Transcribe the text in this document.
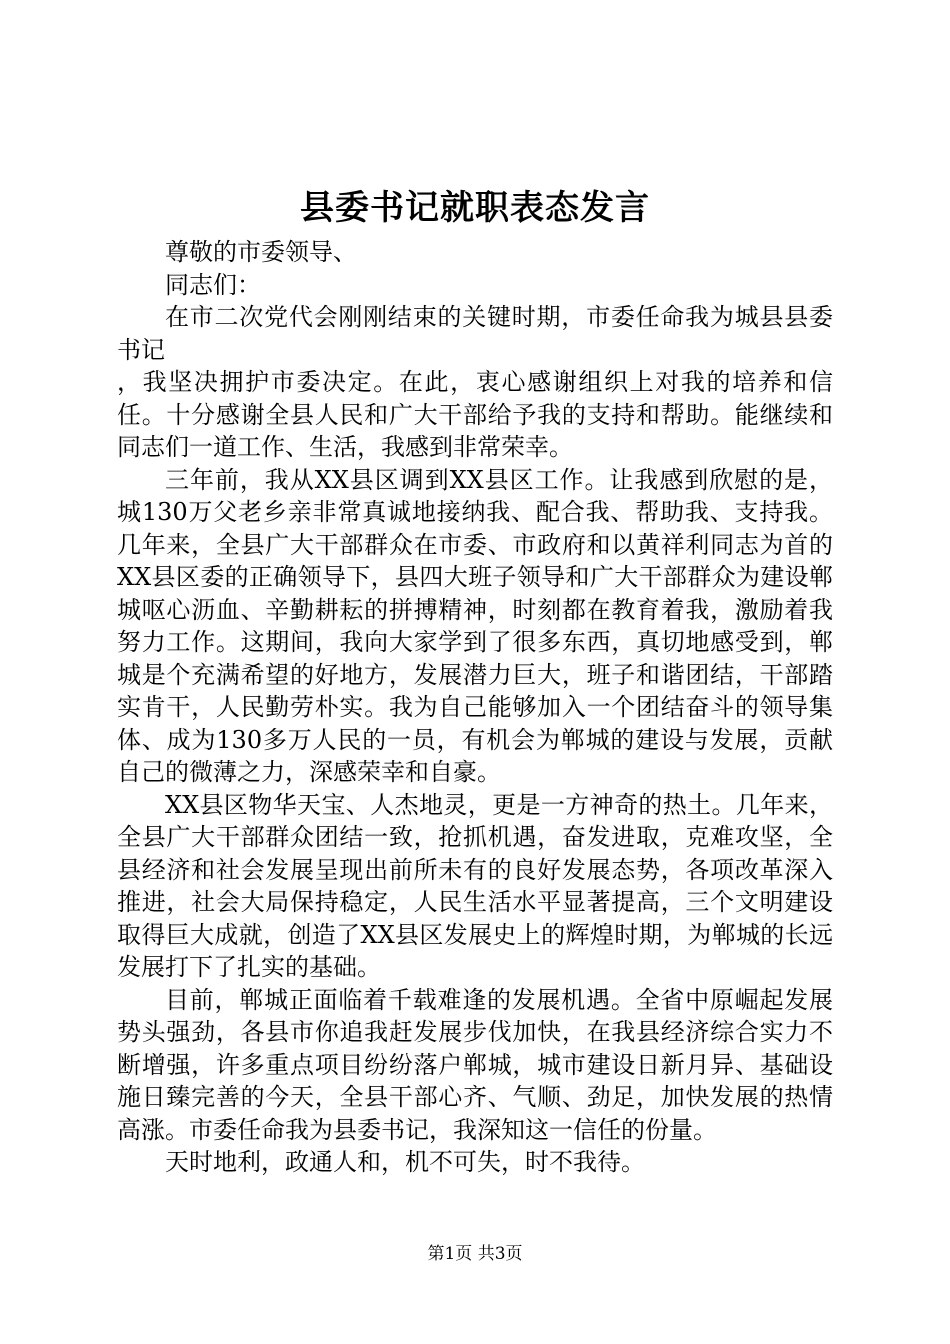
县委书记就职表态发言

尊敬的市委领导、

同志们：

在市二次党代会刚刚结束的关键时期，市委任命我为城县县委书记

，我坚决拥护市委决定。在此，衷心感谢组织上对我的培养和信任。十分感谢全县人民和广大干部给予我的支持和帮助。能继续和同志们一道工作、生活，我感到非常荣幸。

三年前，我从XX县区调到XX县区工作。让我感到欣慰的是，城130万父老乡亲非常真诚地接纳我、配合我、帮助我、支持我。几年来，全县广大干部群众在市委、市政府和以黄祥利同志为首的XX县区委的正确领导下，县四大班子领导和广大干部群众为建设郸城呕心沥血、辛勤耕耘的拼搏精神，时刻都在教育着我，激励着我努力工作。这期间，我向大家学到了很多东西，真切地感受到，郸城是个充满希望的好地方，发展潜力巨大，班子和谐团结，干部踏实肯干，人民勤劳朴实。我为自己能够加入一个团结奋斗的领导集体、成为130多万人民的一员，有机会为郸城的建设与发展，贡献自己的微薄之力，深感荣幸和自豪。

XX县区物华天宝、人杰地灵，更是一方神奇的热土。几年来，全县广大干部群众团结一致，抢抓机遇，奋发进取，克难攻坚，全县经济和社会发展呈现出前所未有的良好发展态势，各项改革深入推进，社会大局保持稳定，人民生活水平显著提高，三个文明建设取得巨大成就，创造了XX县区发展史上的辉煌时期，为郸城的长远发展打下了扎实的基础。

目前，郸城正面临着千载难逢的发展机遇。全省中原崛起发展势头强劲，各县市你追我赶发展步伐加快，在我县经济综合实力不断增强，许多重点项目纷纷落户郸城，城市建设日新月异、基础设施日臻完善的今天，全县干部心齐、气顺、劲足，加快发展的热情高涨。市委任命我为县委书记，我深知这一信任的份量。

天时地利，政通人和，机不可失，时不我待。

第1页 共3页
